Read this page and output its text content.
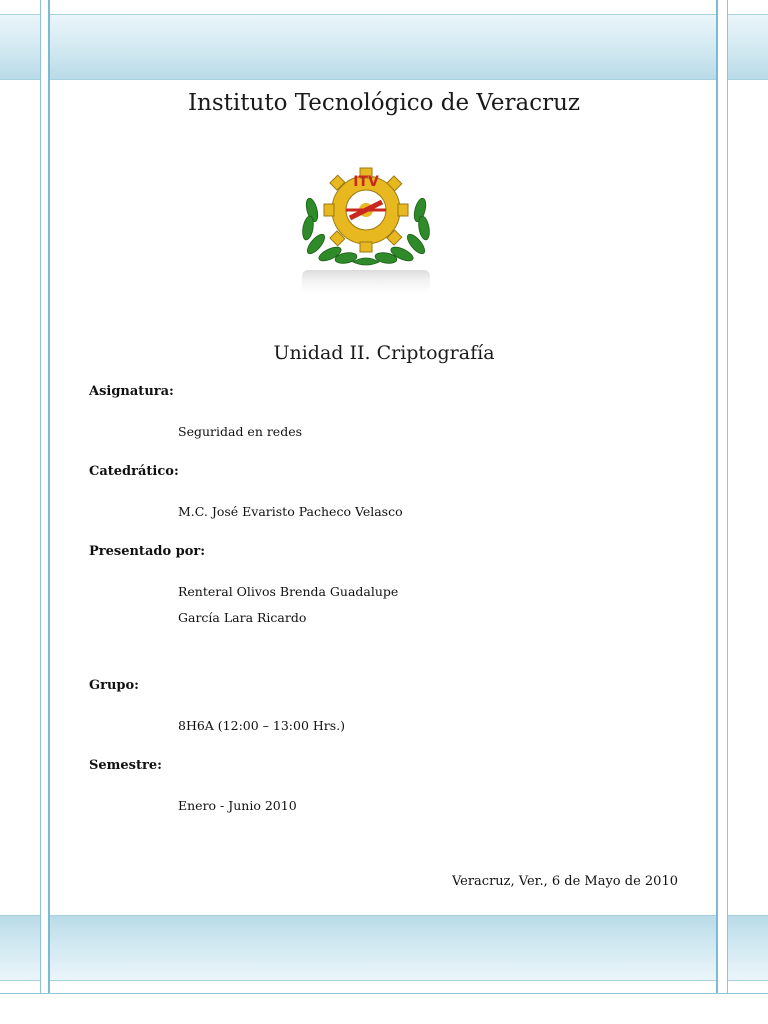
Instituto Tecnológico de Veracruz
ITV
Unidad II. Criptografía
Asignatura:
Seguridad en redes
Catedrático:
M.C. José Evaristo Pacheco Velasco
Presentado por:
Renteral Olivos Brenda Guadalupe
García Lara Ricardo
Grupo:
8H6A (12:00 – 13:00 Hrs.)
Semestre:
Enero - Junio 2010
Veracruz, Ver., 6 de Mayo de 2010
